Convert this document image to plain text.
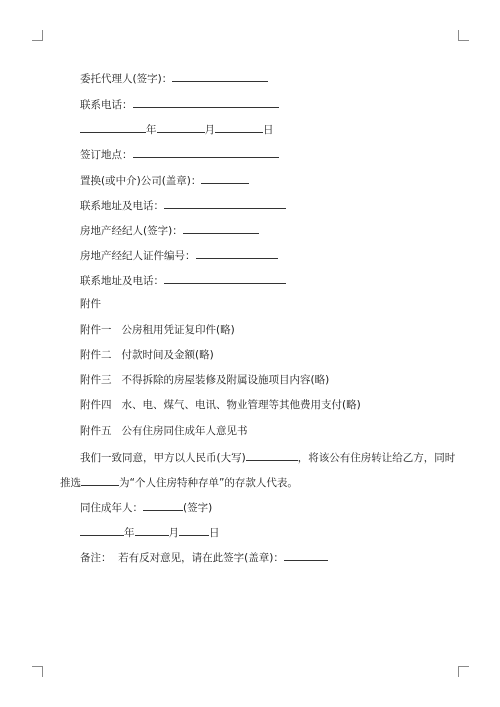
委托代理人(签字)：
联系电话：
年	月	日
签订地点：
置换(或中介)公司(盖章)：
联系地址及电话：
房地产经纪人(签字)：
房地产经纪人证件编号：
联系地址及电话：
附件
附件一   公房租用凭证复印件(略)
附件二   付款时间及金额(略)
附件三   不得拆除的房屋装修及附属设施项目内容(略)
附件四   水、电、煤气、电讯、物业管理等其他费用支付(略)
附件五   公有住房同住成年人意见书
我们一致同意，甲方以人民币(大写)	，将该公有住房转让给乙方，同时
推选	为“个人住房特种存单”的存款人代表。
同住成年人：	(签字)
年	月	日
备注：  若有反对意见，请在此签字(盖章)：
